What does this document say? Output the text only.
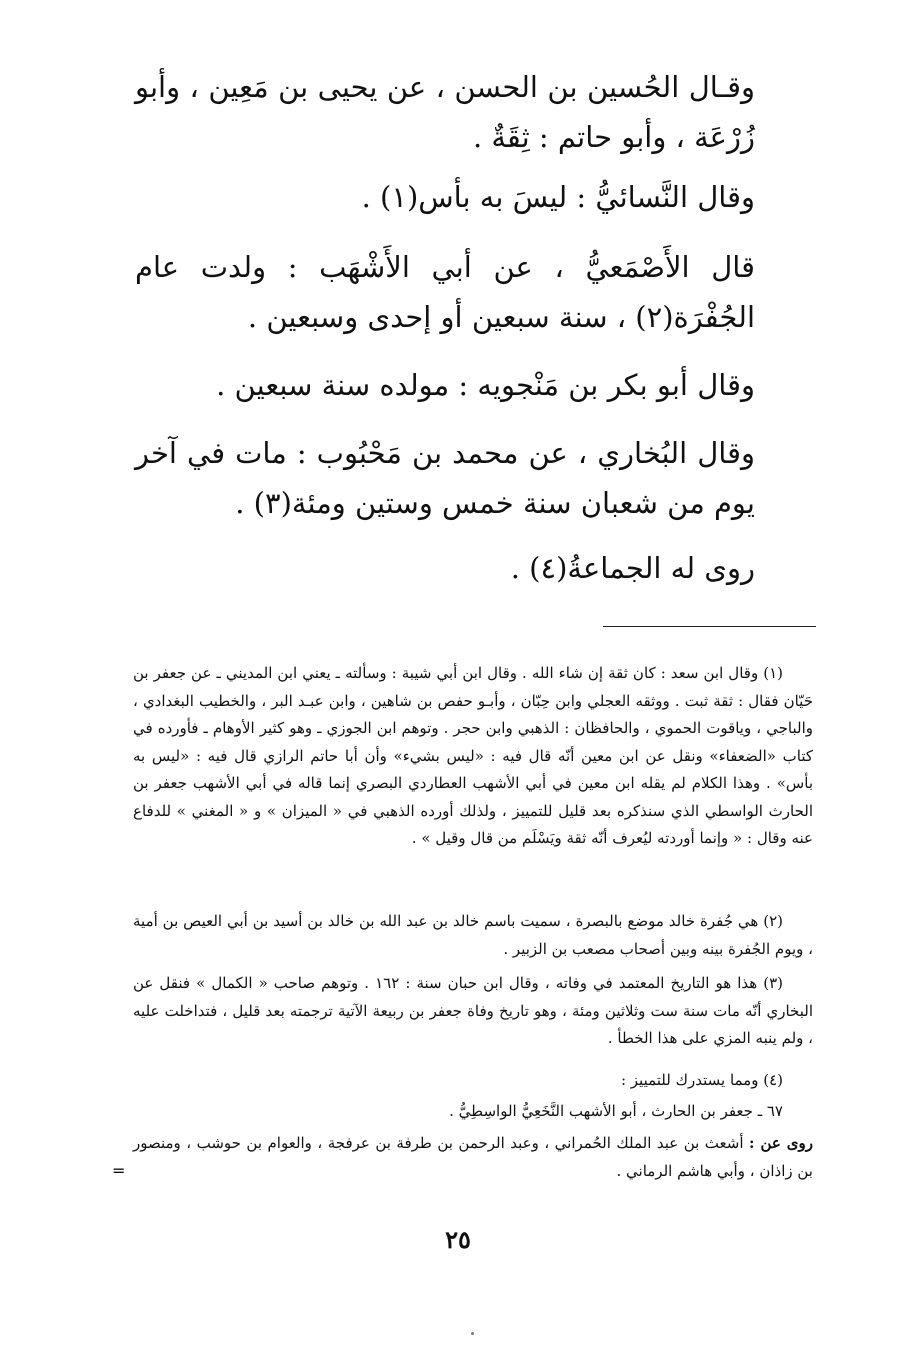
وقـال الحُسين بن الحسن ، عن يحيى بن مَعِين ، وأبو زُرْعَة ، وأبو حاتم : ثِقَةٌ .

وقال النَّسائيُّ : ليسَ به بأس(١) .

قال الأَصْمَعيُّ ، عن أبي الأَشْهَب : ولدت عام الجُفْرَة(٢) ، سنة سبعين أو إحدى وسبعين .

وقال أبو بكر بن مَنْجويه : مولده سنة سبعين .

وقال البُخاري ، عن محمد بن مَحْبُوب : مات في آخر يوم من شعبان سنة خمس وستين ومئة(٣) .

روى له الجماعةُ(٤) .

(١) وقال ابن سعد : كان ثقة إن شاء الله . وقال ابن أبي شيبة : وسألته ـ يعني ابن المديني ـ عن جعفر بن حَيّان فقال : ثقة ثبت . ووثقه العجلي وابن حِبّان ، وأبـو حفص بن شاهين ، وابن عبـد البر ، والخطيب البغدادي ، والباجي ، وياقوت الحموي ، والحافظان : الذهبي وابن حجر . وتوهم ابن الجوزي ـ وهو كثير الأوهام ـ فأورده في كتاب «الضعفاء» ونقل عن ابن معين أنّه قال فيه : «ليس بشيء» وأن أبا حاتم الرازي قال فيه : «ليس به بأس» . وهذا الكلام لم يقله ابن معين في أبي الأشهب العطاردي البصري إنما قاله في أبي الأشهب جعفر بن الحارث الواسطي الذي سنذكره بعد قليل للتمييز ، ولذلك أورده الذهبي في « الميزان » و « المغني » للدفاع عنه وقال : « وإنما أوردته ليُعرف أنّه ثقة ويَسْلَم من قال وقيل » .

(٢) هي جُفرة خالد موضع بالبصرة ، سميت باسم خالد بن عبد الله بن خالد بن أسيد بن أبي العيص بن أمية ، ويوم الجُفرة بينه وبين أصحاب مصعب بن الزبير .

(٣) هذا هو التاريخ المعتمد في وفاته ، وقال ابن حبان سنة : ١٦٢ . وتوهم صاحب « الكمال » فنقل عن البخاري أنّه مات سنة ست وثلاثين ومئة ، وهو تاريخ وفاة جعفر بن ربيعة الآتية ترجمته بعد قليل ، فتداخلت عليه ، ولم ينبه المزي على هذا الخطأ .

(٤) ومما يستدرك للتمييز :

٦٧ ـ جعفر بن الحارث ، أبو الأشهب النَّخَعِيُّ الواسِطِيُّ .

روى عن : أشعث بن عبد الملك الحُمراني ، وعبد الرحمن بن طرفة بن عرفجة ، والعوام بن حوشب ، ومنصور بن زاذان ، وأبي هاشم الرماني .

=
٢٥
